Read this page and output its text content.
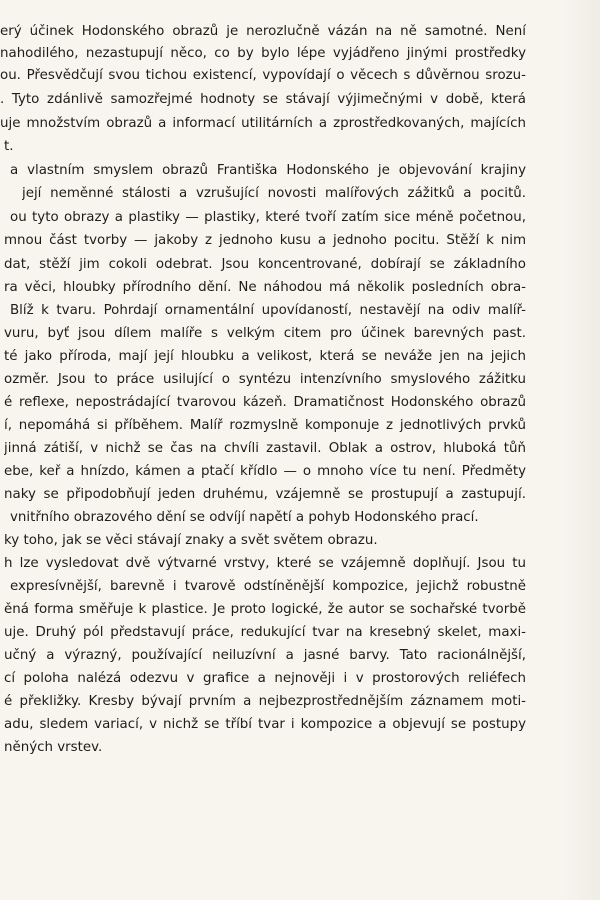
erý účinek Hodonského obrazů je nerozlučně vázán na ně samotné. Není
nahodilého, nezastupují něco, co by bylo lépe vyjádřeno jinými prostředky
ou. Přesvědčují svou tichou existencí, vypovídají o věcech s důvěrnou srozu-
. Tyto zdánlivě samozřejmé hodnoty se stávají výjimečnými v době, která
uje množstvím obrazů a informací utilitárních a zprostředkovaných, majících
t.
a vlastním smyslem obrazů Františka Hodonského je objevování krajiny
její neměnné stálosti a vzrušující novosti malířových zážitků a pocitů.
ou tyto obrazy a plastiky — plastiky, které tvoří zatím sice méně početnou,
mnou část tvorby — jakoby z jednoho kusu a jednoho pocitu. Stěží k nim
dat, stěží jim cokoli odebrat. Jsou koncentrované, dobírají se základního
ra věci, hloubky přírodního dění. Ne náhodou má několik posledních obra-
Blíž k tvaru. Pohrdají ornamentální upovídaností, nestavějí na odiv malíř-
vuru, byť jsou dílem malíře s velkým citem pro účinek barevných past.
té jako příroda, mají její hloubku a velikost, která se neváže jen na jejich
ozměr. Jsou to práce usilující o syntézu intenzívního smyslového zážitku
é reflexe, nepostrádající tvarovou kázeň. Dramatičnost Hodonského obrazů
í, nepomáhá si příběhem. Malíř rozmyslně komponuje z jednotlivých prvků
jinná zátiší, v nichž se čas na chvíli zastavil. Oblak a ostrov, hluboká tůň
ebe, keř a hnízdo, kámen a ptačí křídlo — o mnoho více tu není. Předměty
naky se připodobňují jeden druhému, vzájemně se prostupují a zastupují.
vnitřního obrazového dění se odvíjí napětí a pohyb Hodonského prací.
ky toho, jak se věci stávají znaky a svět světem obrazu.
h lze vysledovat dvě výtvarné vrstvy, které se vzájemně doplňují. Jsou tu
expresívnější, barevně i tvarově odstíněnější kompozice, jejichž robustně
ěná forma směřuje k plastice. Je proto logické, že autor se sochařské tvorbě
uje. Druhý pól představují práce, redukující tvar na kresebný skelet, maxi-
učný a výrazný, používající neiluzívní a jasné barvy. Tato racionálnější,
cí poloha nalézá odezvu v grafice a nejnověji i v prostorových reliéfech
é překližky. Kresby bývají prvním a nejbezprostřednějším záznamem moti-
adu, sledem variací, v nichž se tříbí tvar i kompozice a objevují se postupy
něných vrstev.
